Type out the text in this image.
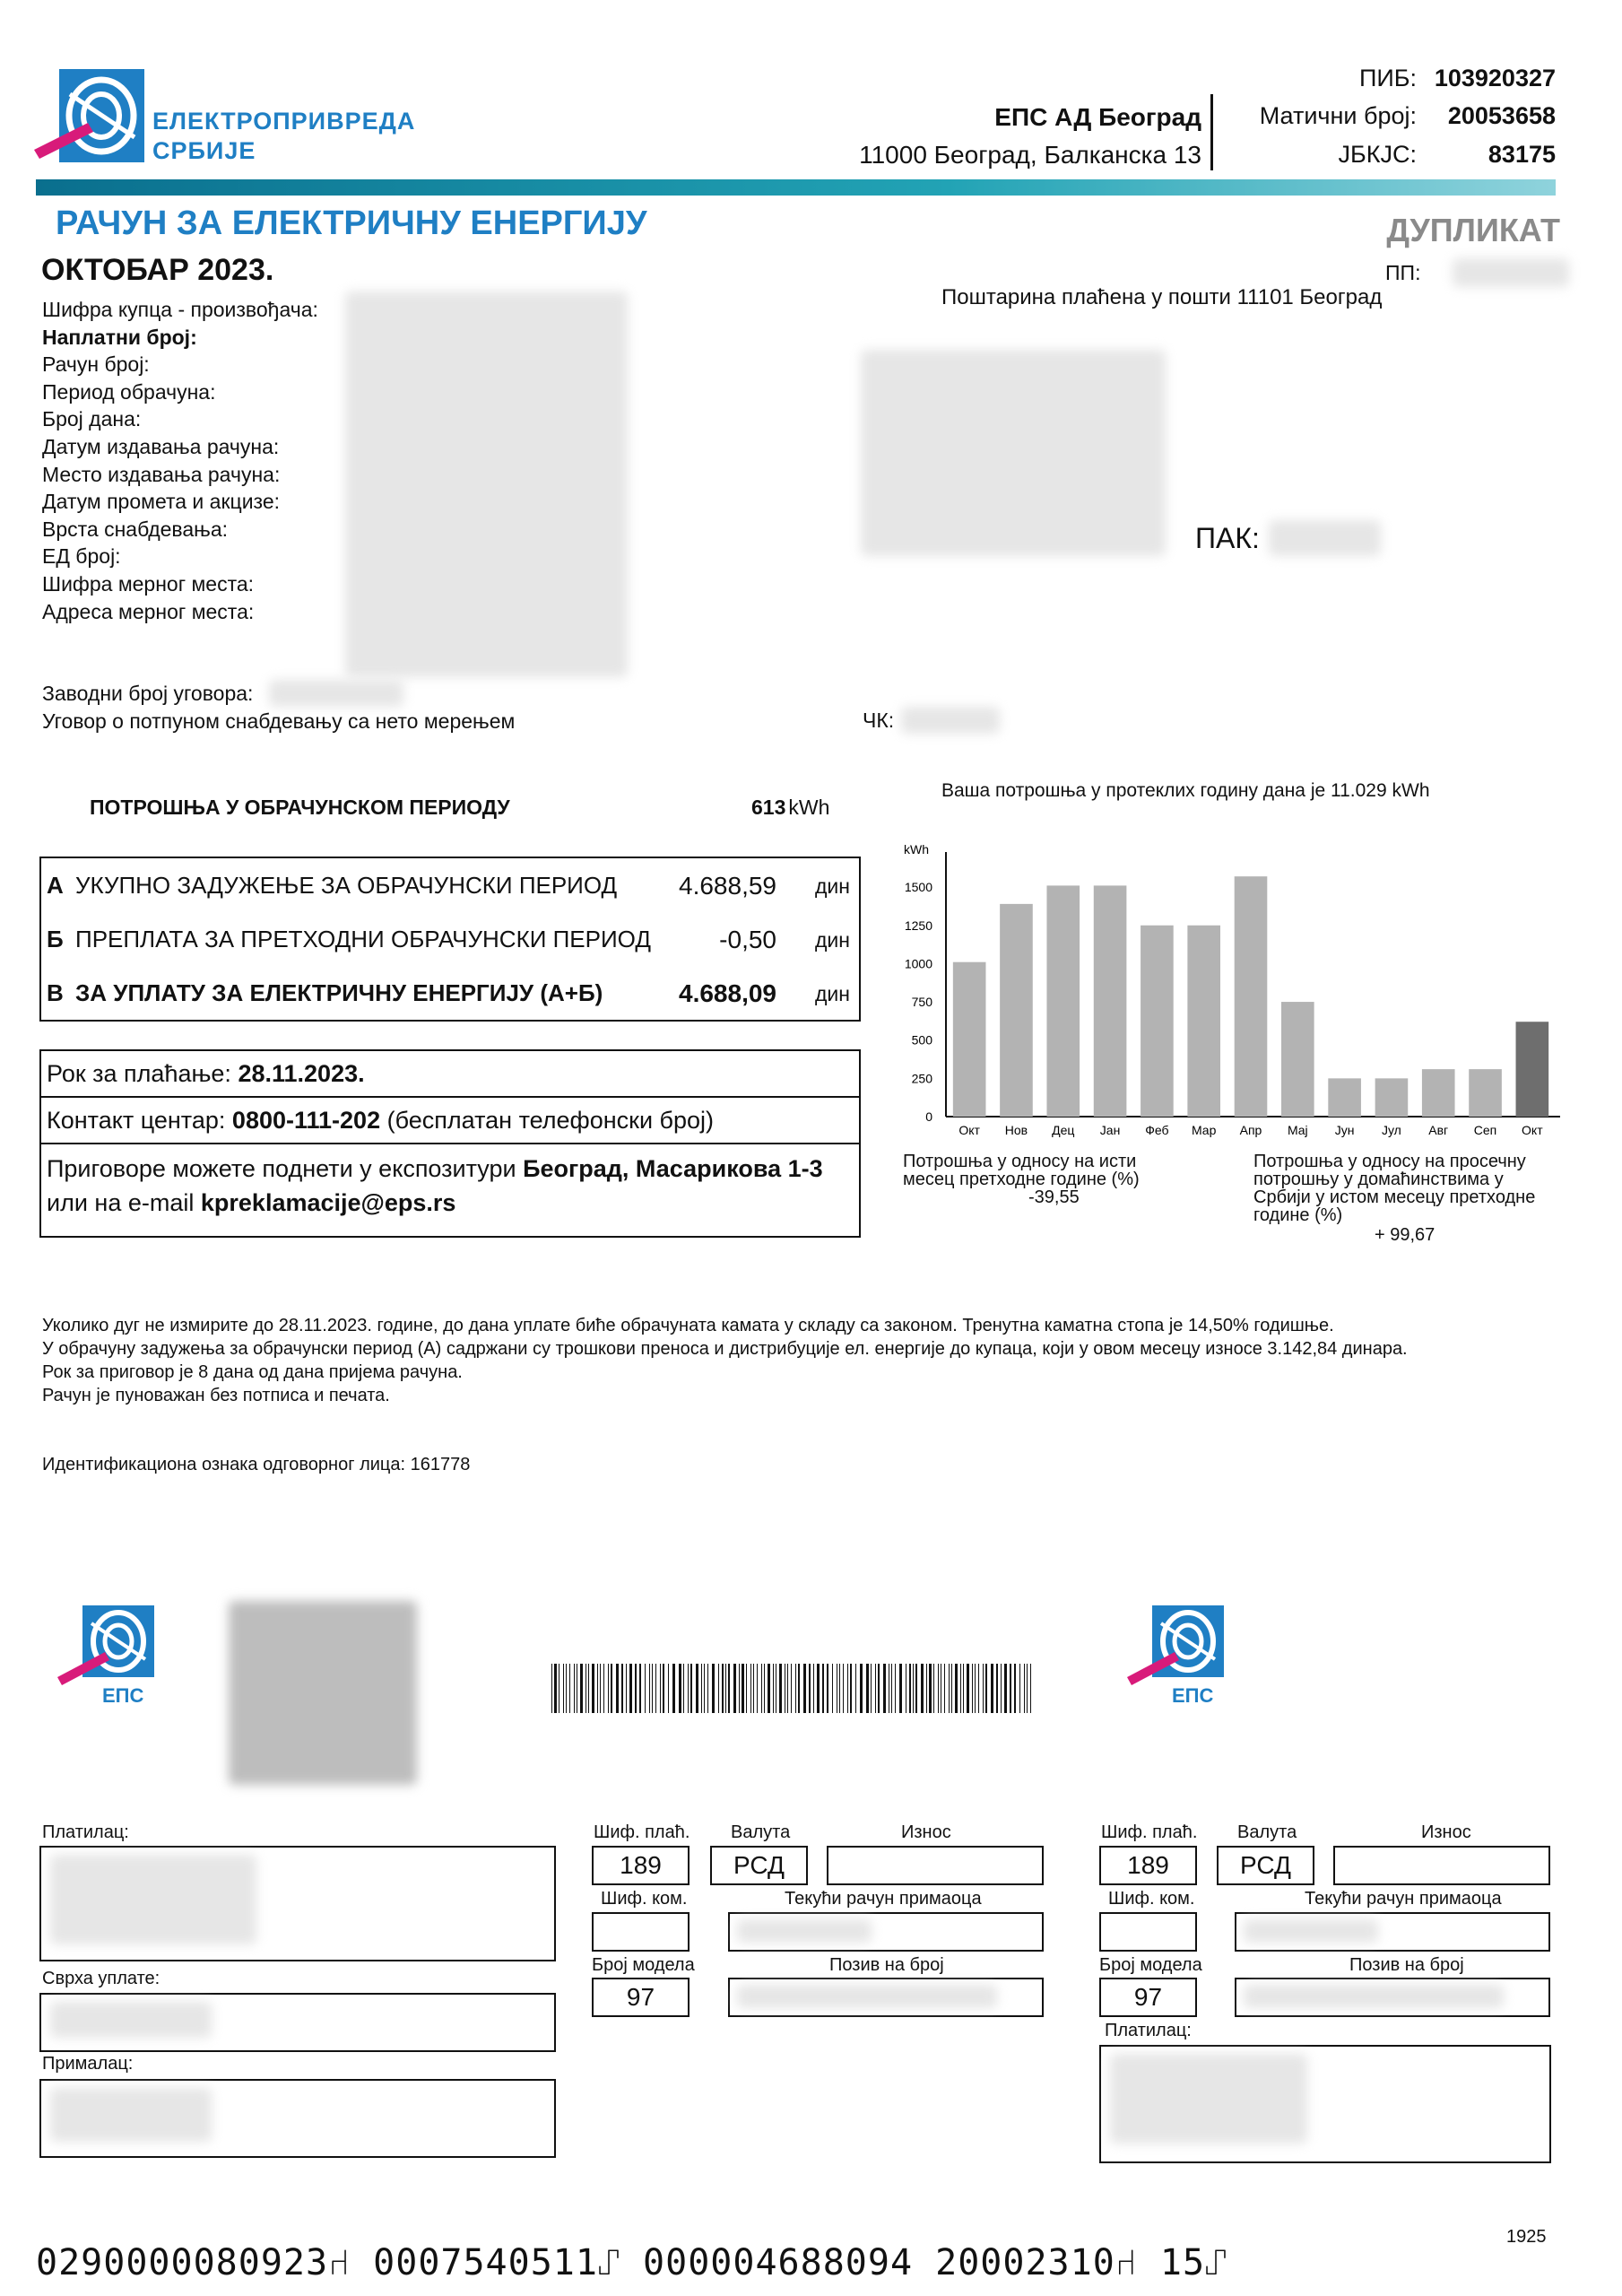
ЕЛЕКТРОПРИВРЕДА
СРБИЈЕ
ЕПС АД Београд
11000 Београд, Балканска 13
ПИБ: 103920327
Матични број:	20053658
ЈБКЈС:	83175
РАЧУН ЗА ЕЛЕКТРИЧНУ ЕНЕРГИЈУ	ДУПЛИКАТ
ОКТОБАР 2023.	ПП:
Поштарина плаћена у пошти 11101 Београд
Шифра купца - произвођача:
Наплатни број:
Рачун број:
Период обрачуна:
Број дана:
Датум издавања рачуна:
Место издавања рачуна:
Датум промета и акцизе:
Врста снабдевања:
ЕД број:
Шифра мерног места:
Адреса мерног места:
ПАК:
Заводни број уговора:
Уговор о потпуном снабдевању са нето мерењем	ЧК:
ПОТРОШЊА У ОБРАЧУНСКОМ ПЕРИОДУ	613 kWh
А УКУПНО ЗАДУЖЕЊЕ ЗА ОБРАЧУНСКИ ПЕРИОД 4.688,59 дин
Б ПРЕПЛАТА ЗА ПРЕТХОДНИ ОБРАЧУНСКИ ПЕРИОД	-0,50 дин
В ЗА УПЛАТУ ЗА ЕЛЕКТРИЧНУ ЕНЕРГИЈУ (А+Б)	4.688,09 дин
Рок за плаћање: 28.11.2023.
Контакт центар: 0800-111-202 (бесплатан телефонски број)
Приговоре можете поднети у експозитури Београд, Масарикова 1-3
или на e-mail kpreklamacije@eps.rs
Ваша потрошња у протеклих годину дана је 11.029 kWh
kWh
0
250
500
750
1000
1250
1500
Окт Нов Дец Јан Феб Мар Апр Мај Јун Јул Авг Сеп Окт
Потрошња у односу на исти
месец претходне године (%)
-39,55
Потрошња у односу на просечну
потрошњу у домаћинствима у
Србији у истом месецу претходне
године (%)
+ 99,67
Уколико дуг не измирите до 28.11.2023. године, до дана уплате биће обрачуната камата у складу са законом. Тренутна каматна стопа је 14,50% годишње.
У обрачуну задужења за обрачунски период (А) садржани су трошкови преноса и дистрибуције ел. енергије до купаца, који у овом месецу износе 3.142,84 динара.
Рок за приговор је 8 дана од дана пријема рачуна.
Рачун је пуноважан без потписа и печата.
Идентификациона ознака одговорног лица: 161778
ЕПС	ЕПС
Платилац:
Сврха уплате:
Прималац:
Шиф. плаћ. Валута	Износ
189	РСД
Шиф. ком.	Текући рачун примаоца
Број модела	Позив на број
97
Шиф. плаћ. Валута	Износ
189	РСД
Шиф. ком.	Текући рачун примаоца
Број модела	Позив на број
97
Платилац:
0290000080923⑁ 0007540511⑀ 000004688094 20002310⑁ 15⑀
1925
